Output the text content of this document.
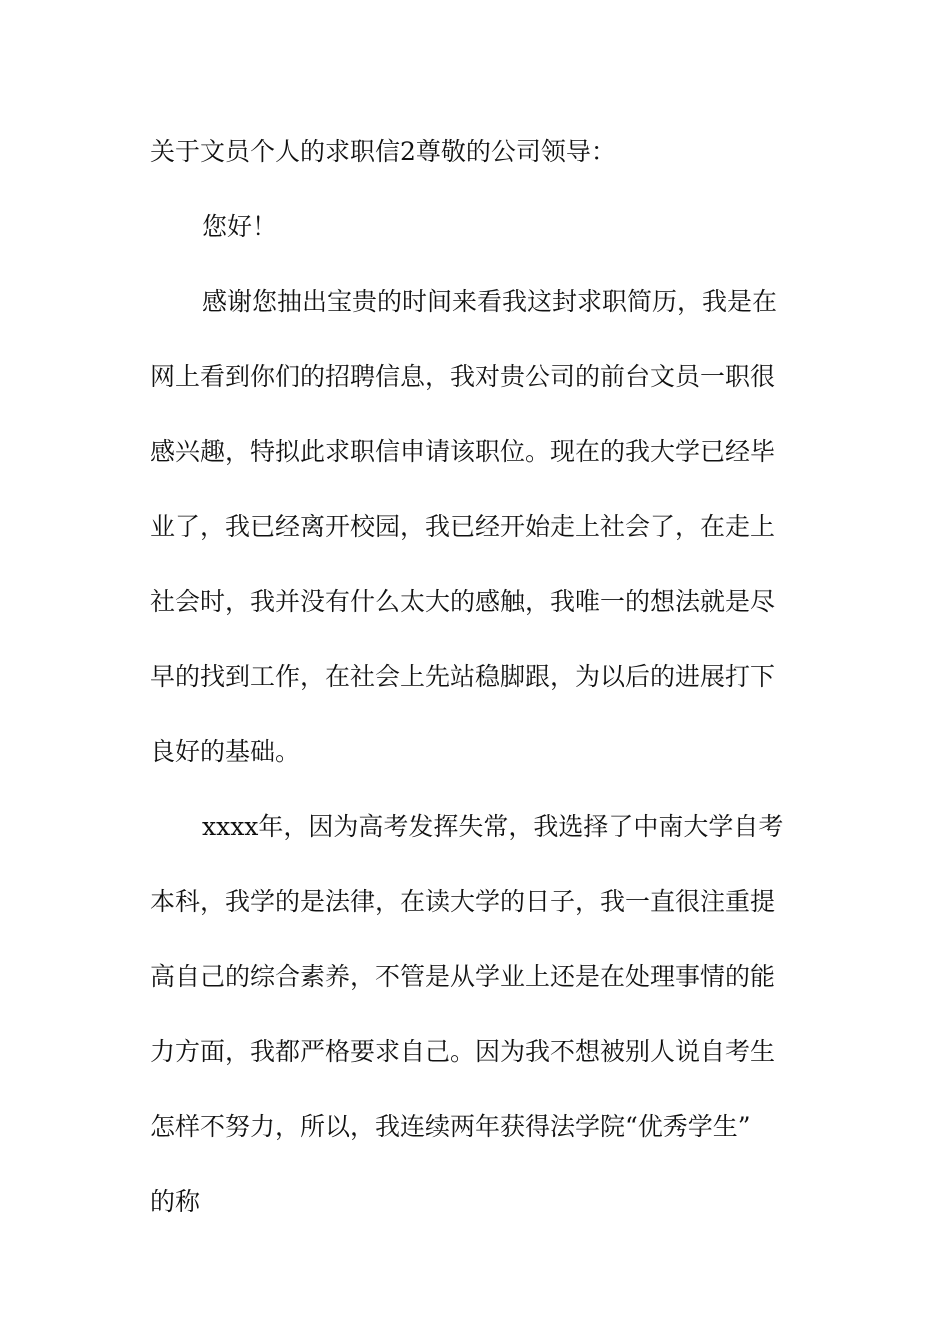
关于文员个人的求职信2尊敬的公司领导：
您好！
感谢您抽出宝贵的时间来看我这封求职简历，我是在
网上看到你们的招聘信息，我对贵公司的前台文员一职很
感兴趣，特拟此求职信申请该职位。现在的我大学已经毕
业了，我已经离开校园，我已经开始走上社会了，在走上
社会时，我并没有什么太大的感触，我唯一的想法就是尽
早的找到工作，在社会上先站稳脚跟，为以后的进展打下
良好的基础。
xxxx年，因为高考发挥失常，我选择了中南大学自考
本科，我学的是法律，在读大学的日子，我一直很注重提
高自己的综合素养，不管是从学业上还是在处理事情的能
力方面，我都严格要求自己。因为我不想被别人说自考生
怎样不努力，所以，我连续两年获得法学院“优秀学生”
的称
